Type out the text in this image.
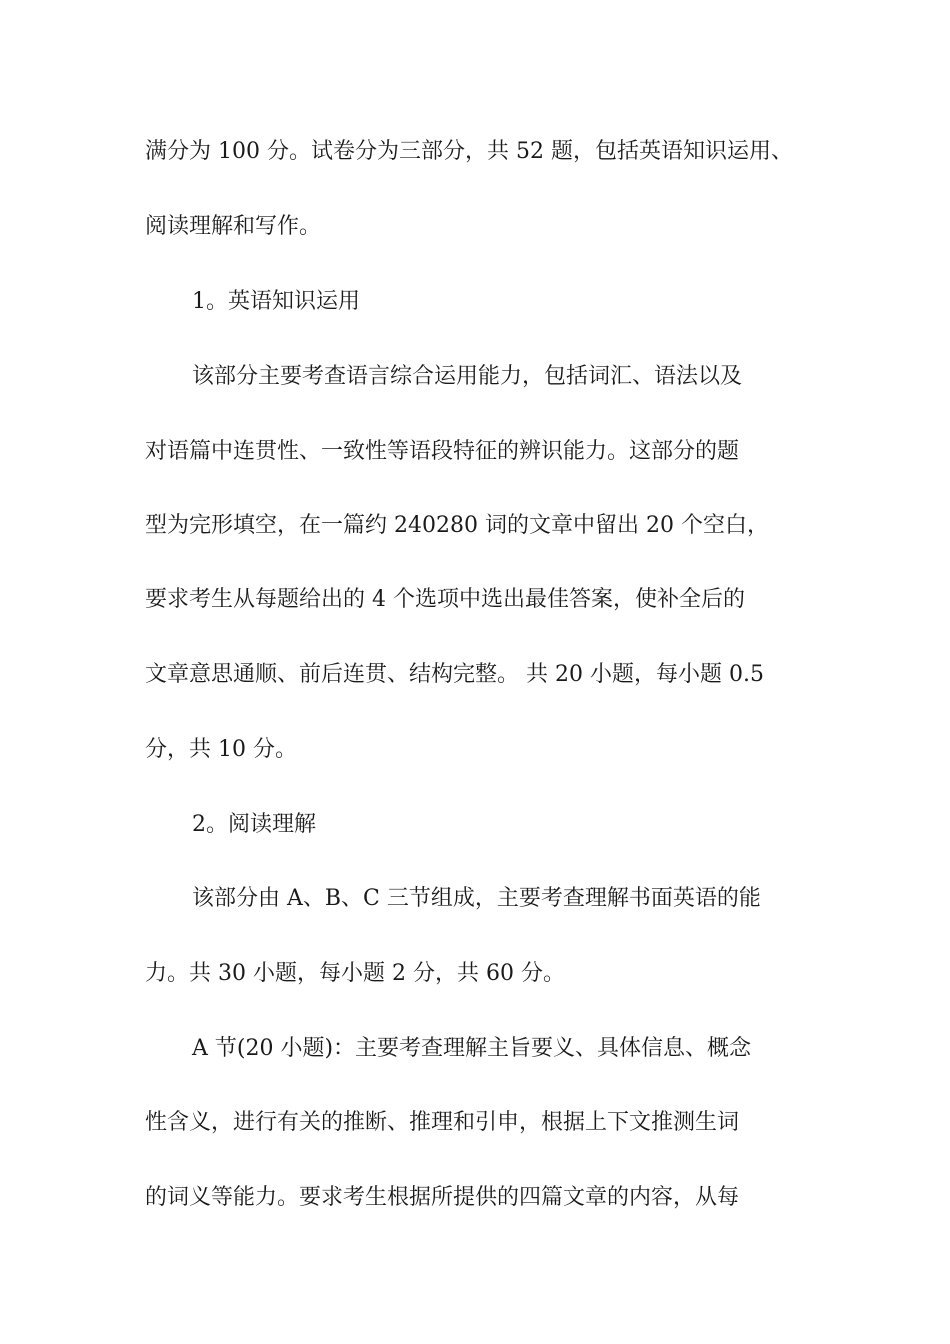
满分为 100 分。试卷分为三部分，共 52 题，包括英语知识运用、
阅读理解和写作。
1。英语知识运用
该部分主要考查语言综合运用能力，包括词汇、语法以及
对语篇中连贯性、一致性等语段特征的辨识能力。这部分的题
型为完形填空，在一篇约 240280 词的文章中留出 20 个空白，
要求考生从每题给出的 4 个选项中选出最佳答案，使补全后的
文章意思通顺、前后连贯、结构完整。 共 20 小题，每小题 0.5
分，共 10 分。
2。阅读理解
该部分由 A、B、C 三节组成，主要考查理解书面英语的能
力。共 30 小题，每小题 2 分，共 60 分。
A 节(20 小题)：主要考查理解主旨要义、具体信息、概念
性含义，进行有关的推断、推理和引申，根据上下文推测生词
的词义等能力。要求考生根据所提供的四篇文章的内容，从每
